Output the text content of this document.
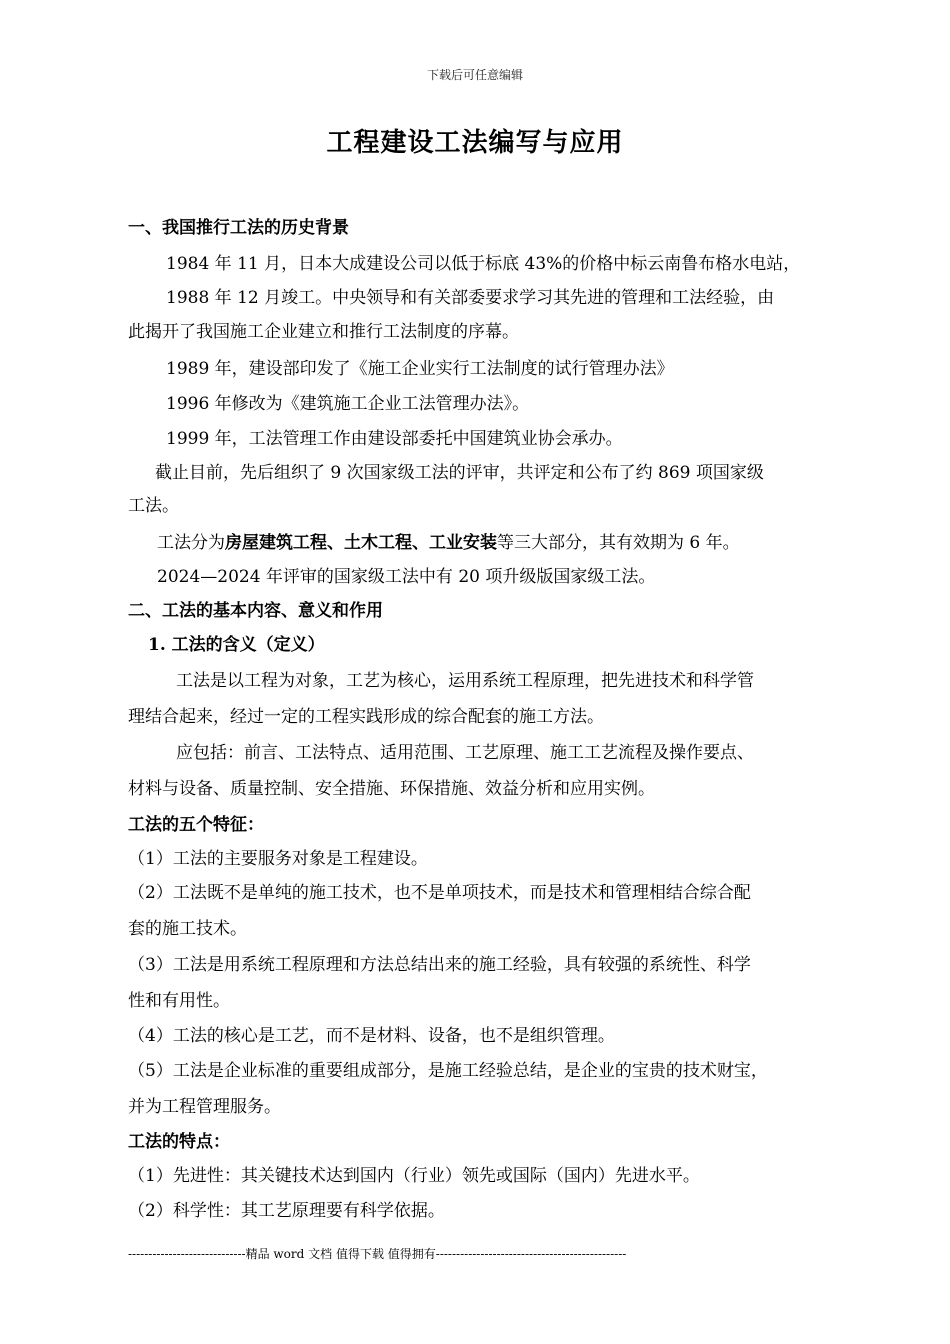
下载后可任意编辑
工程建设工法编写与应用
一、我国推行工法的历史背景
1984 年 11 月，日本大成建设公司以低于标底 43%的价格中标云南鲁布格水电站，
1988 年 12 月竣工。中央领导和有关部委要求学习其先进的管理和工法经验，由
此揭开了我国施工企业建立和推行工法制度的序幕。
1989 年，建设部印发了《施工企业实行工法制度的试行管理办法》
1996 年修改为《建筑施工企业工法管理办法》。
1999 年，工法管理工作由建设部委托中国建筑业协会承办。
截止目前，先后组织了 9 次国家级工法的评审，共评定和公布了约 869 项国家级
工法。
工法分为房屋建筑工程、土木工程、工业安装等三大部分，其有效期为 6 年。
2024—2024 年评审的国家级工法中有 20 项升级版国家级工法。
二、工法的基本内容、意义和作用
1. 工法的含义（定义）
工法是以工程为对象，工艺为核心，运用系统工程原理，把先进技术和科学管
理结合起来，经过一定的工程实践形成的综合配套的施工方法。
应包括：前言、工法特点、适用范围、工艺原理、施工工艺流程及操作要点、
材料与设备、质量控制、安全措施、环保措施、效益分析和应用实例。
工法的五个特征：
（1）工法的主要服务对象是工程建设。
（2）工法既不是单纯的施工技术，也不是单项技术，而是技术和管理相结合综合配
套的施工技术。
（3）工法是用系统工程原理和方法总结出来的施工经验，具有较强的系统性、科学
性和有用性。
（4）工法的核心是工艺，而不是材料、设备，也不是组织管理。
（5）工法是企业标准的重要组成部分，是施工经验总结，是企业的宝贵的技术财宝，
并为工程管理服务。
工法的特点：
（1）先进性：其关键技术达到国内（行业）领先或国际（国内）先进水平。
（2）科学性：其工艺原理要有科学依据。
-----------------------------精品 word 文档 值得下载 值得拥有-----------------------------------------------
